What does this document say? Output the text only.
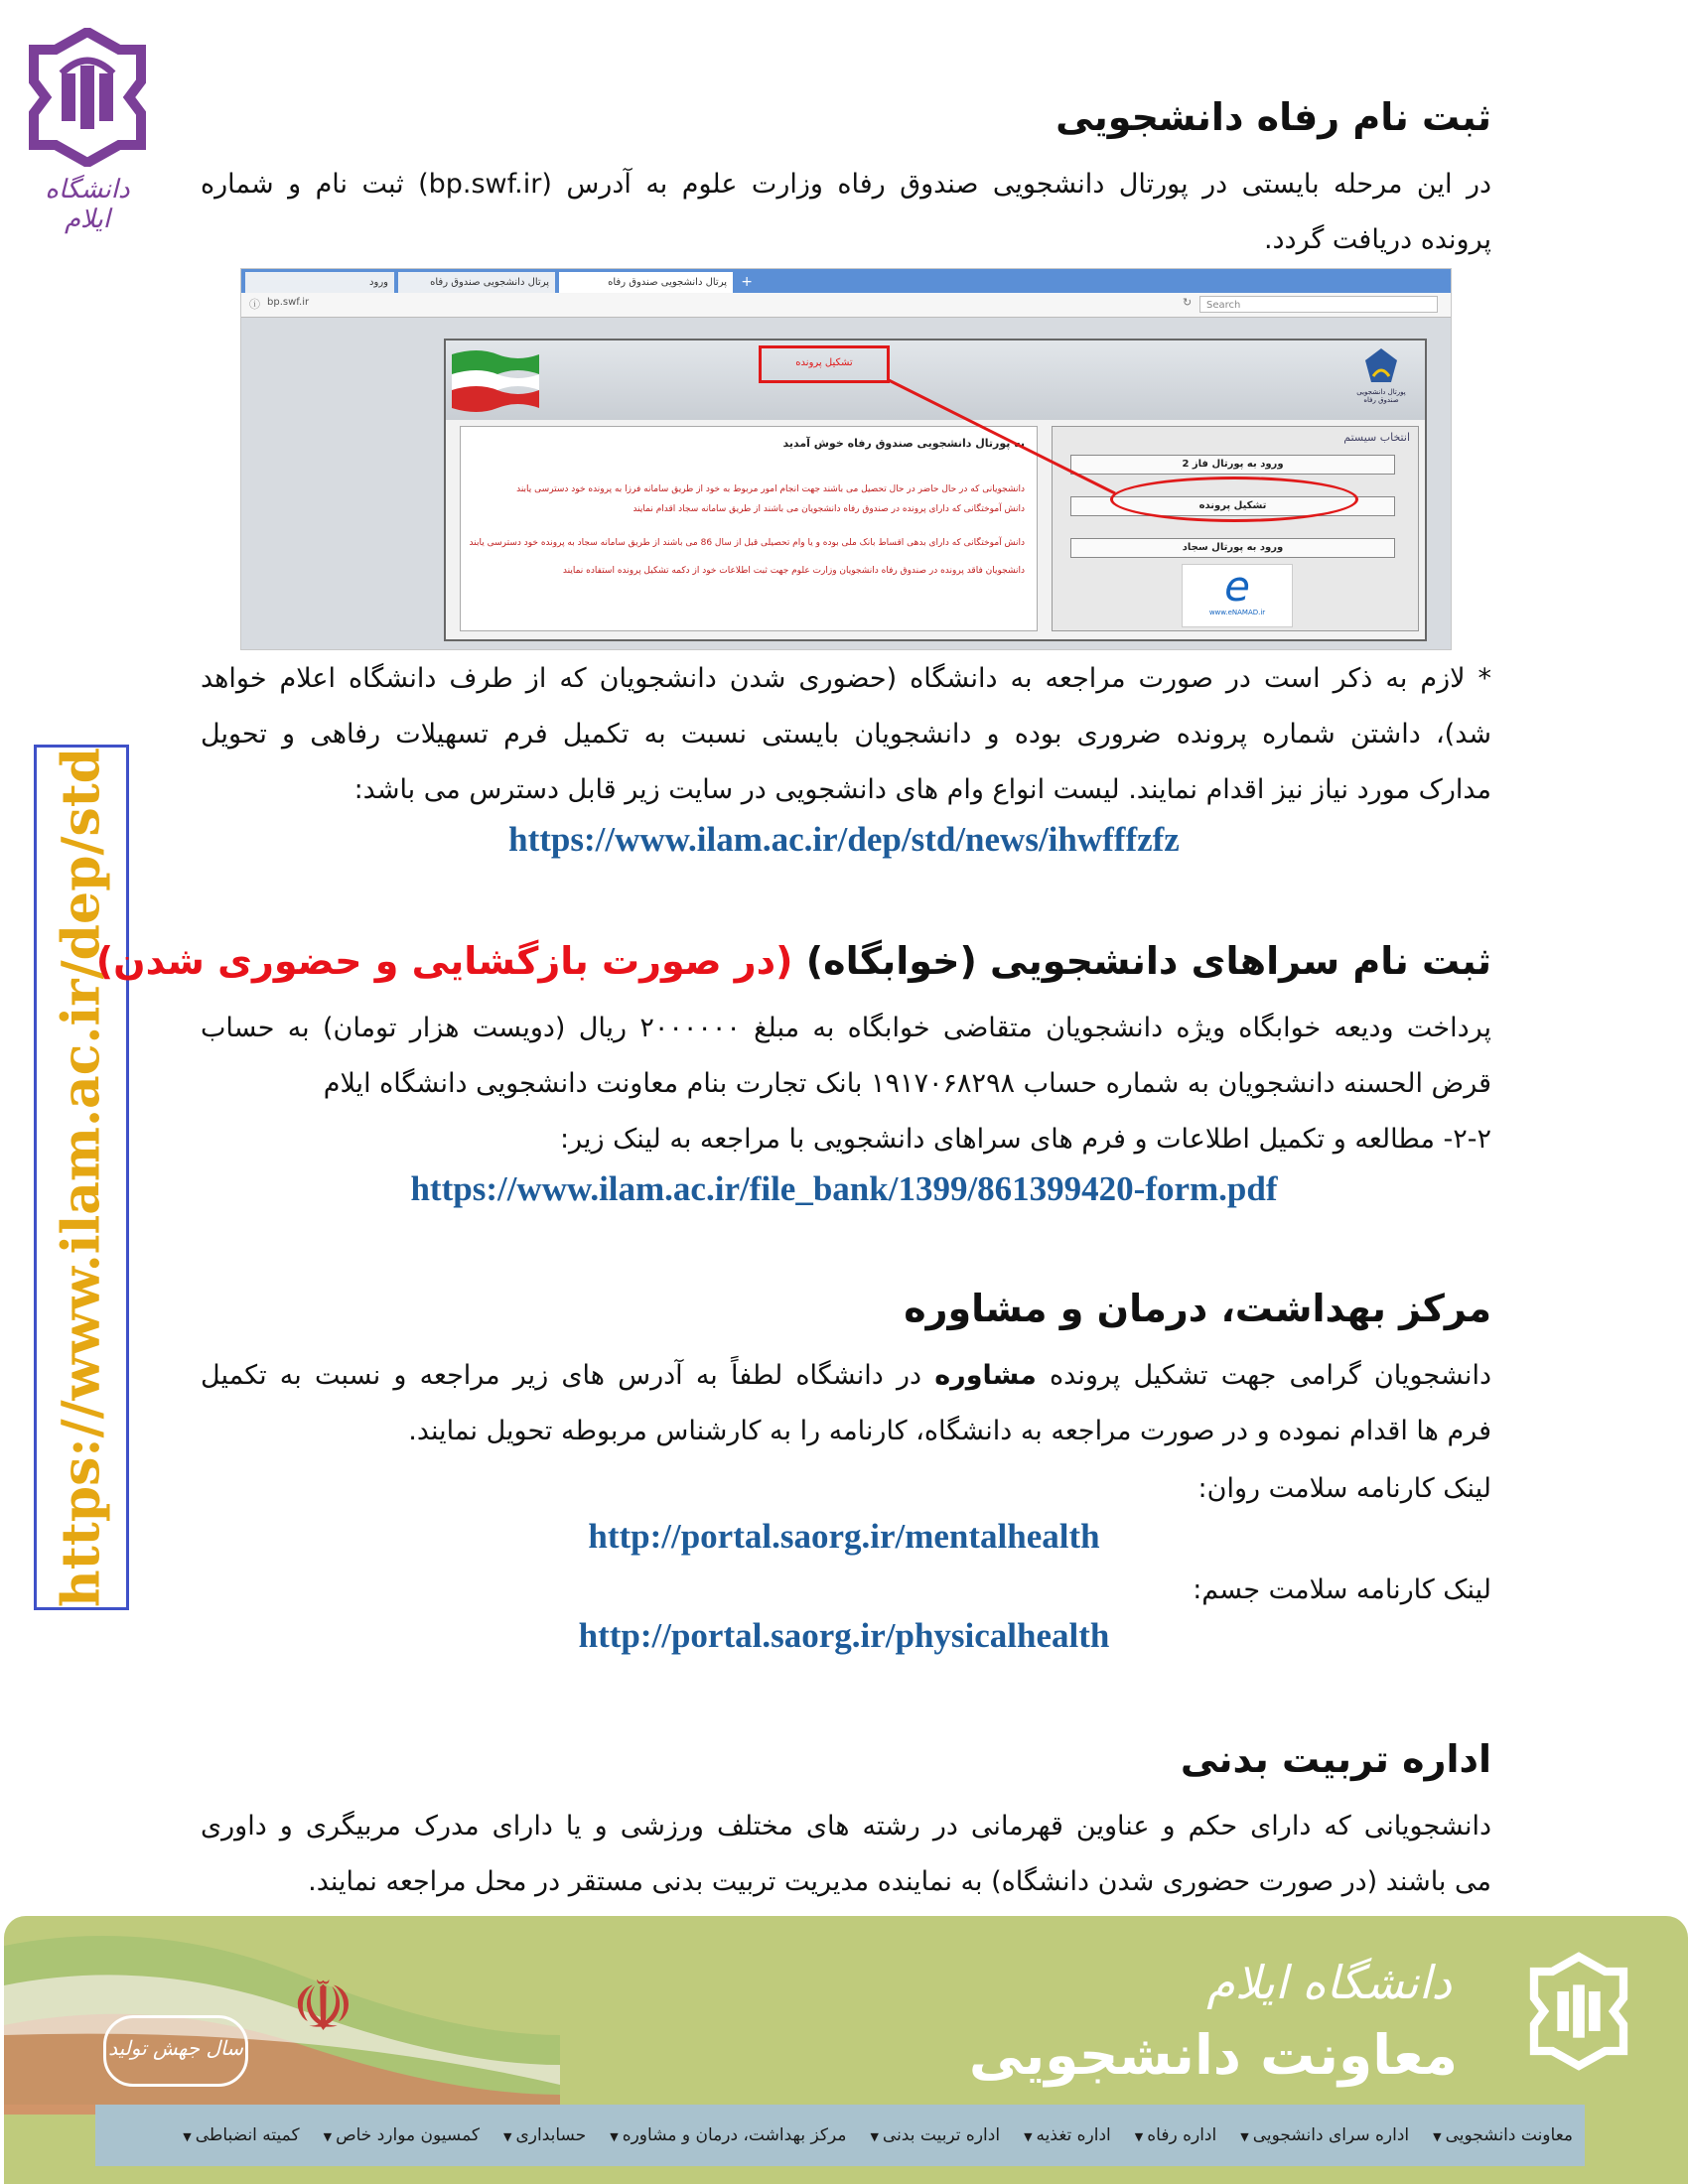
دانشگاه ایلام
https://www.ilam.ac.ir/dep/std
ثبت نام رفاه دانشجویی
در این مرحله بایستی در پورتال دانشجویی صندوق رفاه وزارت علوم به آدرس (bp.swf.ir) ثبت نام و شماره
پرونده دریافت گردد.
ورود	پرتال دانشجویی صندوق رفاه	پرتال دانشجویی صندوق رفاه	+
ⓘ bp.swf.ir	↻	Search
پورتال دانشجویی صندوق رفاه
به پورتال دانشجویی صندوق رفاه خوش آمدید
دانشجویانی که در حال حاضر در حال تحصیل می باشند جهت انجام امور مربوط به خود از طریق سامانه فرزا به پرونده خود دسترسی یابند
دانش آموختگانی که دارای پرونده در صندوق رفاه دانشجویان می باشند از طریق سامانه سجاد اقدام نمایند
دانش آموختگانی که دارای بدهی اقساط بانک ملی بوده و یا وام تحصیلی قبل از سال 86 می باشند از طریق سامانه سجاد به پرونده خود دسترسی یابند
دانشجویان فاقد پرونده در صندوق رفاه دانشجویان وزارت علوم جهت ثبت اطلاعات خود از دکمه تشکیل پرونده استفاده نمایند
انتخاب سیستم
ورود به پورتال فاز 2
تشکیل پرونده
ورود به پورتال سجاد
e
www.eNAMAD.ir
تشکیل پرونده
* لازم به ذکر است در صورت مراجعه به دانشگاه (حضوری شدن دانشجویان که از طرف دانشگاه اعلام خواهد
شد)، داشتن شماره پرونده ضروری بوده و دانشجویان بایستی نسبت به تکمیل فرم تسهیلات رفاهی و تحویل
مدارک مورد نیاز نیز اقدام نمایند. لیست انواع وام های دانشجویی در سایت زیر قابل دسترس می باشد:
https://www.ilam.ac.ir/dep/std/news/ihwfffzfz
ثبت نام سراهای دانشجویی (خوابگاه) (در صورت بازگشایی و حضوری شدن)
پرداخت ودیعه خوابگاه ویژه دانشجویان متقاضی خوابگاه به مبلغ ۲۰۰۰۰۰۰ ریال (دویست هزار تومان) به حساب
قرض الحسنه دانشجویان به شماره حساب ۱۹۱۷۰۶۸۲۹۸ بانک تجارت بنام معاونت دانشجویی دانشگاه ایلام
۲-۲- مطالعه و تکمیل اطلاعات و فرم های سراهای دانشجویی با مراجعه به لینک زیر:
https://www.ilam.ac.ir/file_bank/1399/861399420-form.pdf
مرکز بهداشت، درمان و مشاوره
دانشجویان گرامی جهت تشکیل پرونده مشاوره در دانشگاه لطفاً به آدرس های زیر مراجعه و نسبت به تکمیل
فرم ها اقدام نموده و در صورت مراجعه به دانشگاه، کارنامه را به کارشناس مربوطه تحویل نمایند.
لینک کارنامه سلامت روان:
http://portal.saorg.ir/mentalhealth
لینک کارنامه سلامت جسم:
http://portal.saorg.ir/physicalhealth
اداره تربیت بدنی
دانشجویانی که دارای حکم و عناوین قهرمانی در رشته های مختلف ورزشی و یا دارای مدرک مربیگری و داوری
می باشند (در صورت حضوری شدن دانشگاه) به نماینده مدیریت تربیت بدنی مستقر در محل مراجعه نمایند.
☫
سال جهش تولید
دانشگاه ایلام
معاونت دانشجویی
معاونت دانشجویی▼
اداره سرای دانشجویی▼
اداره رفاه▼
اداره تغذیه▼
اداره تربیت بدنی▼
مرکز بهداشت، درمان و مشاوره▼
حسابداری▼
کمسیون موارد خاص▼
کمیته انضباطی▼
